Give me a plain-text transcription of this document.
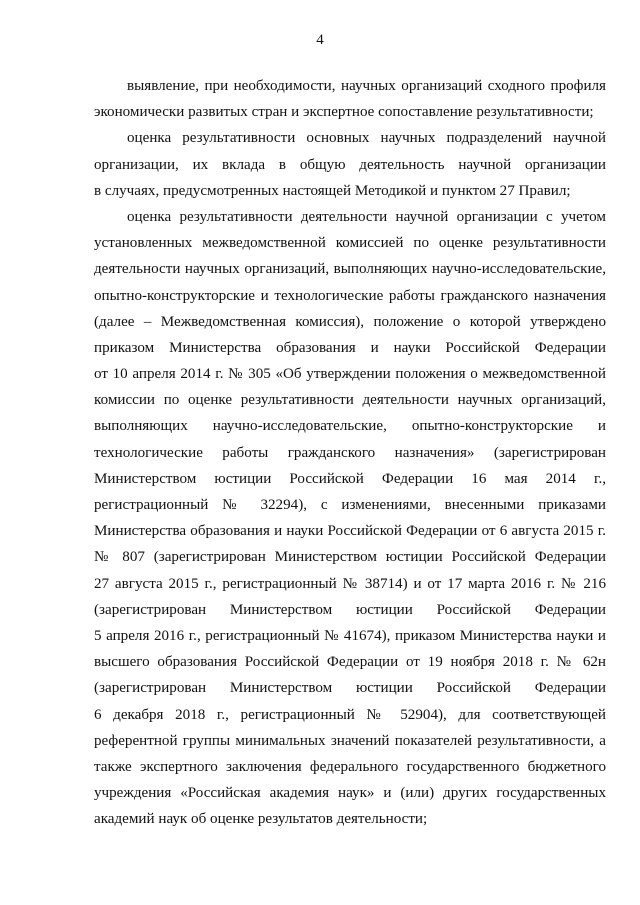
4
выявление, при необходимости, научных организаций сходного профиля
экономически развитых стран и экспертное сопоставление результативности;
оценка результативности основных научных подразделений научной
организации, их вклада в общую деятельность научной организации
в случаях, предусмотренных настоящей Методикой и пунктом 27 Правил;
оценка результативности деятельности научной организации с учетом
установленных межведомственной комиссией по оценке результативности
деятельности научных организаций, выполняющих научно-исследовательские,
опытно-конструкторские и технологические работы гражданского назначения
(далее – Межведомственная комиссия), положение о которой утверждено
приказом Министерства образования и науки Российской Федерации
от 10 апреля 2014 г. № 305 «Об утверждении положения о межведомственной
комиссии по оценке результативности деятельности научных организаций,
выполняющих научно-исследовательские, опытно-конструкторские и
технологические работы гражданского назначения» (зарегистрирован
Министерством юстиции Российской Федерации 16 мая 2014 г.,
регистрационный № 32294), с изменениями, внесенными приказами
Министерства образования и науки Российской Федерации от 6 августа 2015 г.
№ 807 (зарегистрирован Министерством юстиции Российской Федерации
27 августа 2015 г., регистрационный № 38714) и от 17 марта 2016 г. № 216
(зарегистрирован Министерством юстиции Российской Федерации
5 апреля 2016 г., регистрационный № 41674), приказом Министерства науки и
высшего образования Российской Федерации от 19 ноября 2018 г. № 62н
(зарегистрирован Министерством юстиции Российской Федерации
6 декабря 2018 г., регистрационный № 52904), для соответствующей
референтной группы минимальных значений показателей результативности, а
также экспертного заключения федерального государственного бюджетного
учреждения «Российская академия наук» и (или) других государственных
академий наук об оценке результатов деятельности;
